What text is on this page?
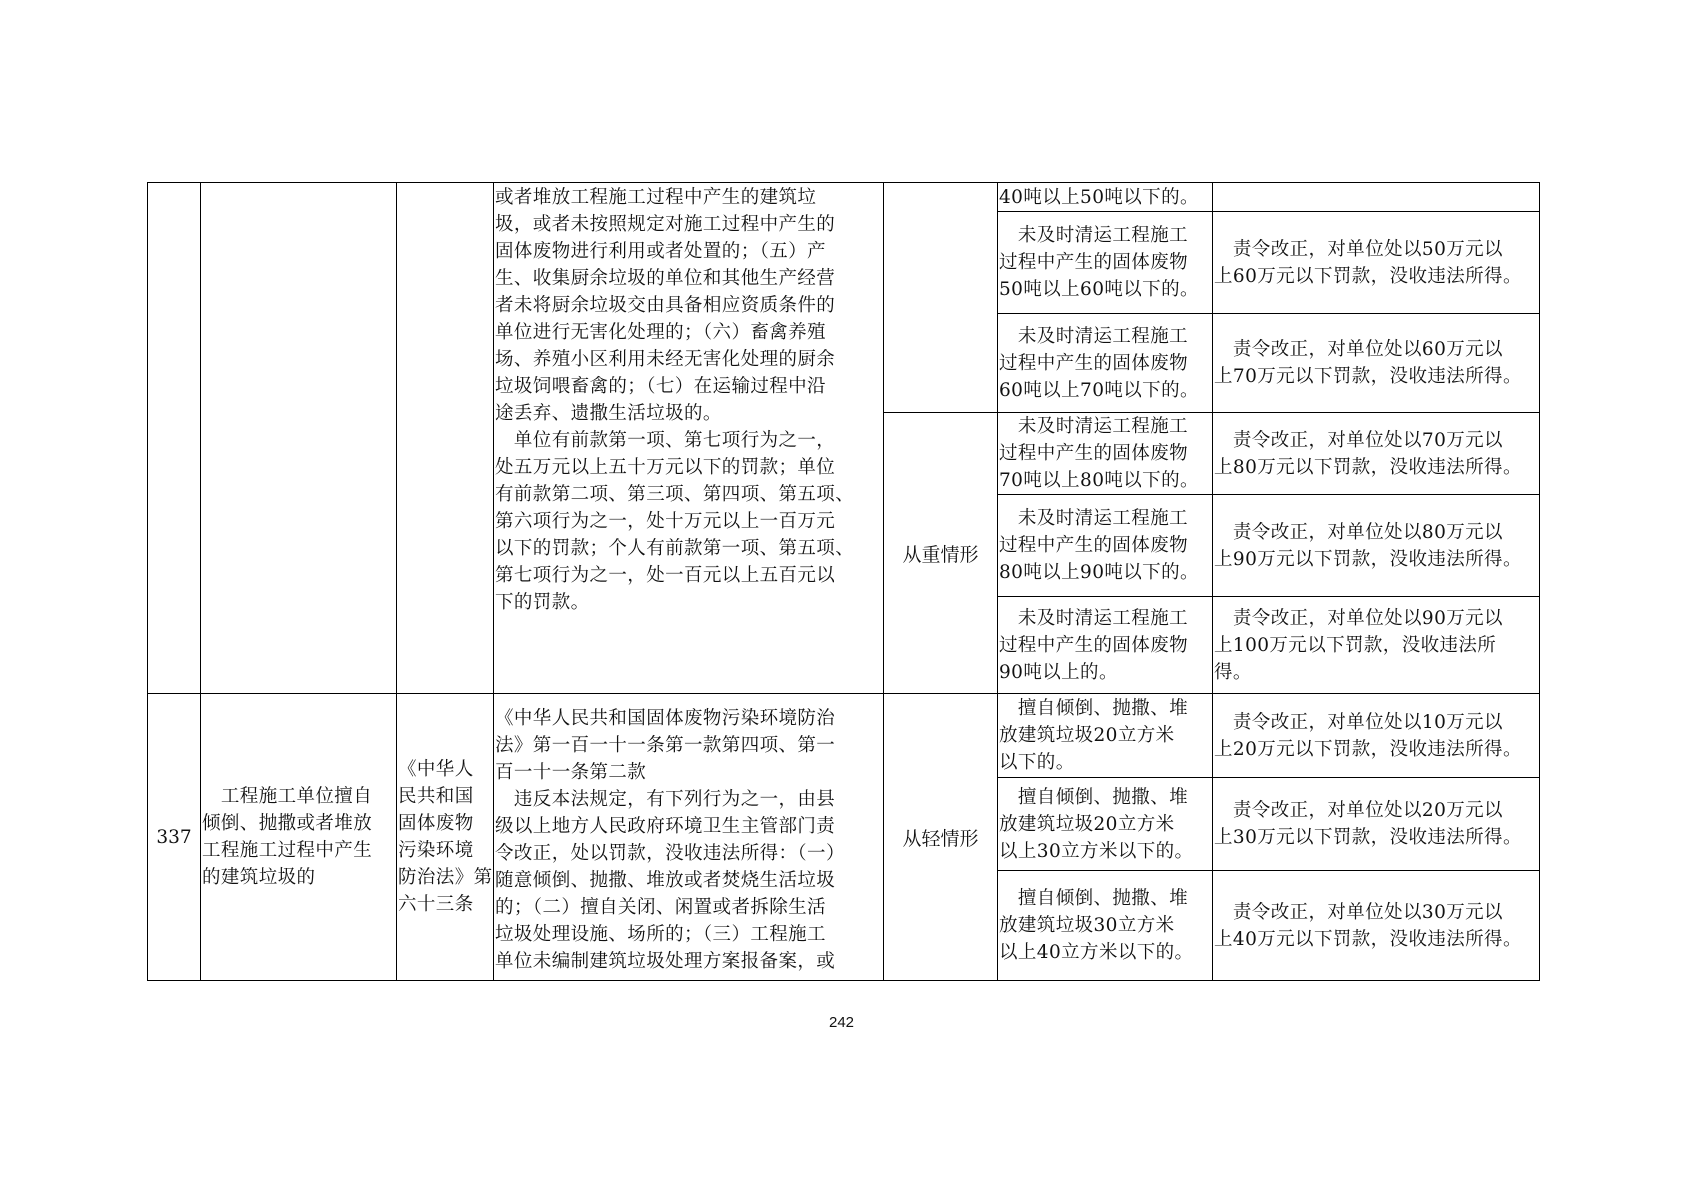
或者堆放工程施工过程中产生的建筑垃
圾，或者未按照规定对施工过程中产生的
固体废物进行利用或者处置的；（五）产
生、收集厨余垃圾的单位和其他生产经营
者未将厨余垃圾交由具备相应资质条件的
单位进行无害化处理的；（六）畜禽养殖
场、养殖小区利用未经无害化处理的厨余
垃圾饲喂畜禽的；（七）在运输过程中沿
途丢弃、遗撒生活垃圾的。
　单位有前款第一项、第七项行为之一，
处五万元以上五十万元以下的罚款；单位
有前款第二项、第三项、第四项、第五项、
第六项行为之一，处十万元以上一百万元
以下的罚款；个人有前款第一项、第五项、
第七项行为之一，处一百元以上五百元以
下的罚款。
从重情形
40吨以上50吨以下的。
　未及时清运工程施工
过程中产生的固体废物
50吨以上60吨以下的。
　责令改正，对单位处以50万元以
上60万元以下罚款，没收违法所得。
　未及时清运工程施工
过程中产生的固体废物
60吨以上70吨以下的。
　责令改正，对单位处以60万元以
上70万元以下罚款，没收违法所得。
　未及时清运工程施工
过程中产生的固体废物
70吨以上80吨以下的。
　责令改正，对单位处以70万元以
上80万元以下罚款，没收违法所得。
　未及时清运工程施工
过程中产生的固体废物
80吨以上90吨以下的。
　责令改正，对单位处以80万元以
上90万元以下罚款，没收违法所得。
　未及时清运工程施工
过程中产生的固体废物
90吨以上的。
　责令改正，对单位处以90万元以
上100万元以下罚款，没收违法所
得。
337
　工程施工单位擅自
倾倒、抛撒或者堆放
工程施工过程中产生
的建筑垃圾的
《中华人
民共和国
固体废物
污染环境
防治法》第
六十三条
《中华人民共和国固体废物污染环境防治
法》第一百一十一条第一款第四项、第一
百一十一条第二款
　违反本法规定，有下列行为之一，由县
级以上地方人民政府环境卫生主管部门责
令改正，处以罚款，没收违法所得：（一）
随意倾倒、抛撒、堆放或者焚烧生活垃圾
的；（二）擅自关闭、闲置或者拆除生活
垃圾处理设施、场所的；（三）工程施工
单位未编制建筑垃圾处理方案报备案，或
从轻情形
　擅自倾倒、抛撒、堆
放建筑垃圾20立方米
以下的。
　责令改正，对单位处以10万元以
上20万元以下罚款，没收违法所得。
　擅自倾倒、抛撒、堆
放建筑垃圾20立方米
以上30立方米以下的。
　责令改正，对单位处以20万元以
上30万元以下罚款，没收违法所得。
　擅自倾倒、抛撒、堆
放建筑垃圾30立方米
以上40立方米以下的。
　责令改正，对单位处以30万元以
上40万元以下罚款，没收违法所得。
242
